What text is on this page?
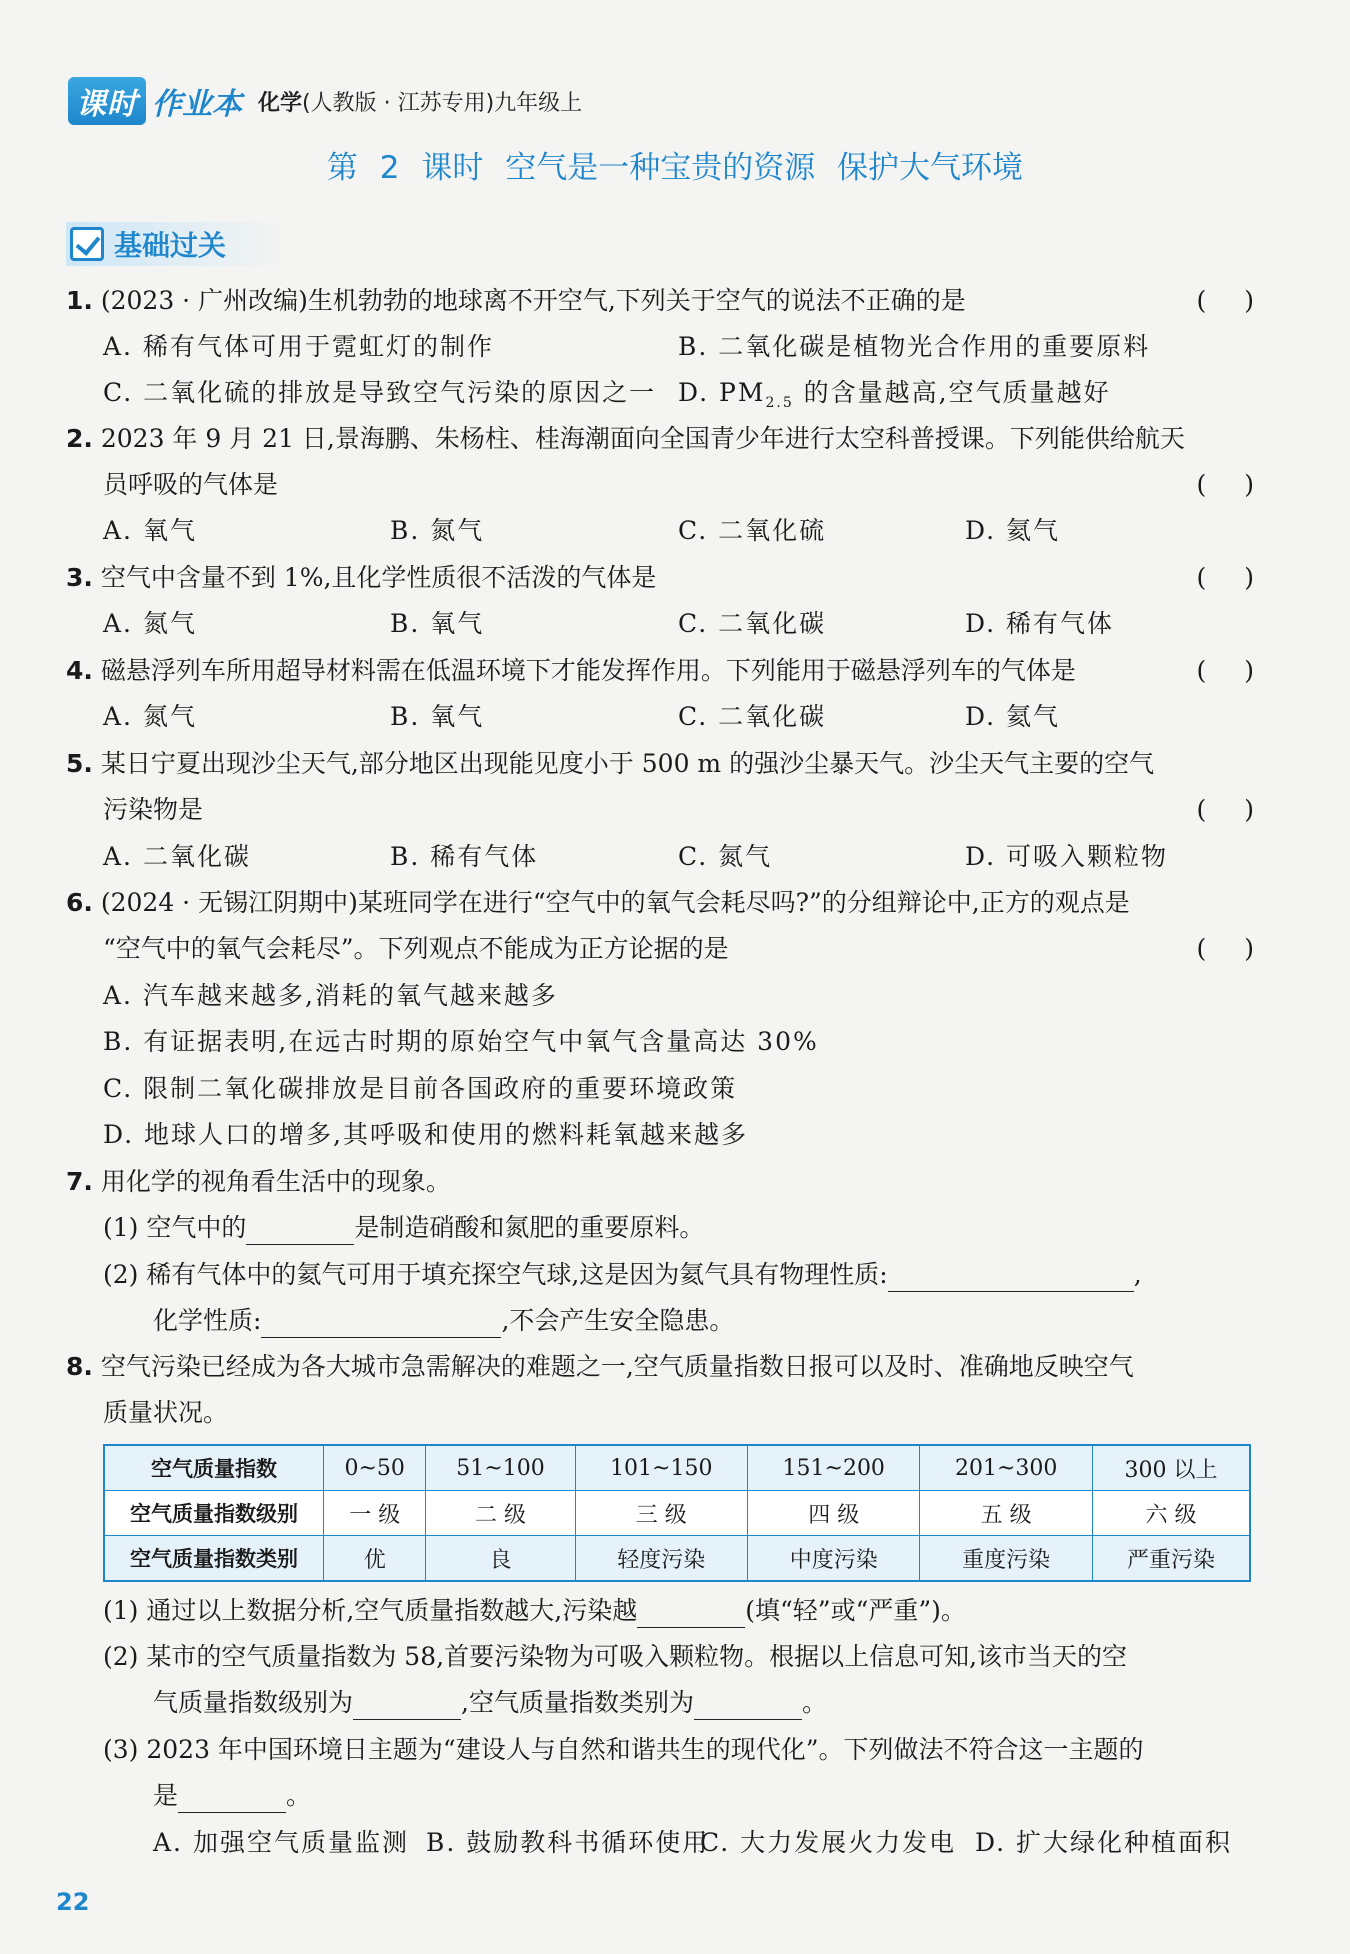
课时 作业本 化学(人教版 · 江苏专用)九年级上
第 2 课时 空气是一种宝贵的资源 保护大气环境
基础过关
1. (2023 · 广州改编)生机勃勃的地球离不开空气,下列关于空气的说法不正确的是	( )
A. 稀有气体可用于霓虹灯的制作	B. 二氧化碳是植物光合作用的重要原料
C. 二氧化硫的排放是导致空气污染的原因之一 D. $PM_{2.5}$ 的含量越高,空气质量越好
2. 2023 年 9 月 21 日,景海鹏、朱杨柱、桂海潮面向全国青少年进行太空科普授课。下列能供给航天
员呼吸的气体是	( )
A. 氧气	B. 氮气	C. 二氧化硫	D. 氦气
3. 空气中含量不到 1%,且化学性质很不活泼的气体是	( )
A. 氮气	B. 氧气	C. 二氧化碳	D. 稀有气体
4. 磁悬浮列车所用超导材料需在低温环境下才能发挥作用。下列能用于磁悬浮列车的气体是	( )
A. 氮气	B. 氧气	C. 二氧化碳	D. 氦气
5. 某日宁夏出现沙尘天气,部分地区出现能见度小于 500 m 的强沙尘暴天气。沙尘天气主要的空气
污染物是	( )
A. 二氧化碳	B. 稀有气体	C. 氮气	D. 可吸入颗粒物
6. (2024 · 无锡江阴期中)某班同学在进行“空气中的氧气会耗尽吗?”的分组辩论中,正方的观点是
“空气中的氧气会耗尽”。下列观点不能成为正方论据的是	( )
A. 汽车越来越多,消耗的氧气越来越多
B. 有证据表明,在远古时期的原始空气中氧气含量高达 30%
C. 限制二氧化碳排放是目前各国政府的重要环境政策
D. 地球人口的增多,其呼吸和使用的燃料耗氧越来越多
7. 用化学的视角看生活中的现象。
(1) 空气中的	是制造硝酸和氮肥的重要原料。
(2) 稀有气体中的氦气可用于填充探空气球,这是因为氦气具有物理性质:	,
化学性质:	,不会产生安全隐患。
8. 空气污染已经成为各大城市急需解决的难题之一,空气质量指数日报可以及时、准确地反映空气
质量状况。
空气质量指数	0~50	51~100	101~150	151~200	201~300	300 以上
空气质量指数级别	一 级	二 级	三 级	四 级	五 级	六 级
空气质量指数类别	优	良	轻度污染	中度污染	重度污染	严重污染
(1) 通过以上数据分析,空气质量指数越大,污染越	(填“轻”或“严重”)。
(2) 某市的空气质量指数为 58,首要污染物为可吸入颗粒物。根据以上信息可知,该市当天的空
气质量指数级别为	,空气质量指数类别为	。
(3) 2023 年中国环境日主题为“建设人与自然和谐共生的现代化”。下列做法不符合这一主题的
是	。
A. 加强空气质量监测 B. 鼓励教科书循环使用
C. 大力发展火力发电 D. 扩大绿化种植面积
22
